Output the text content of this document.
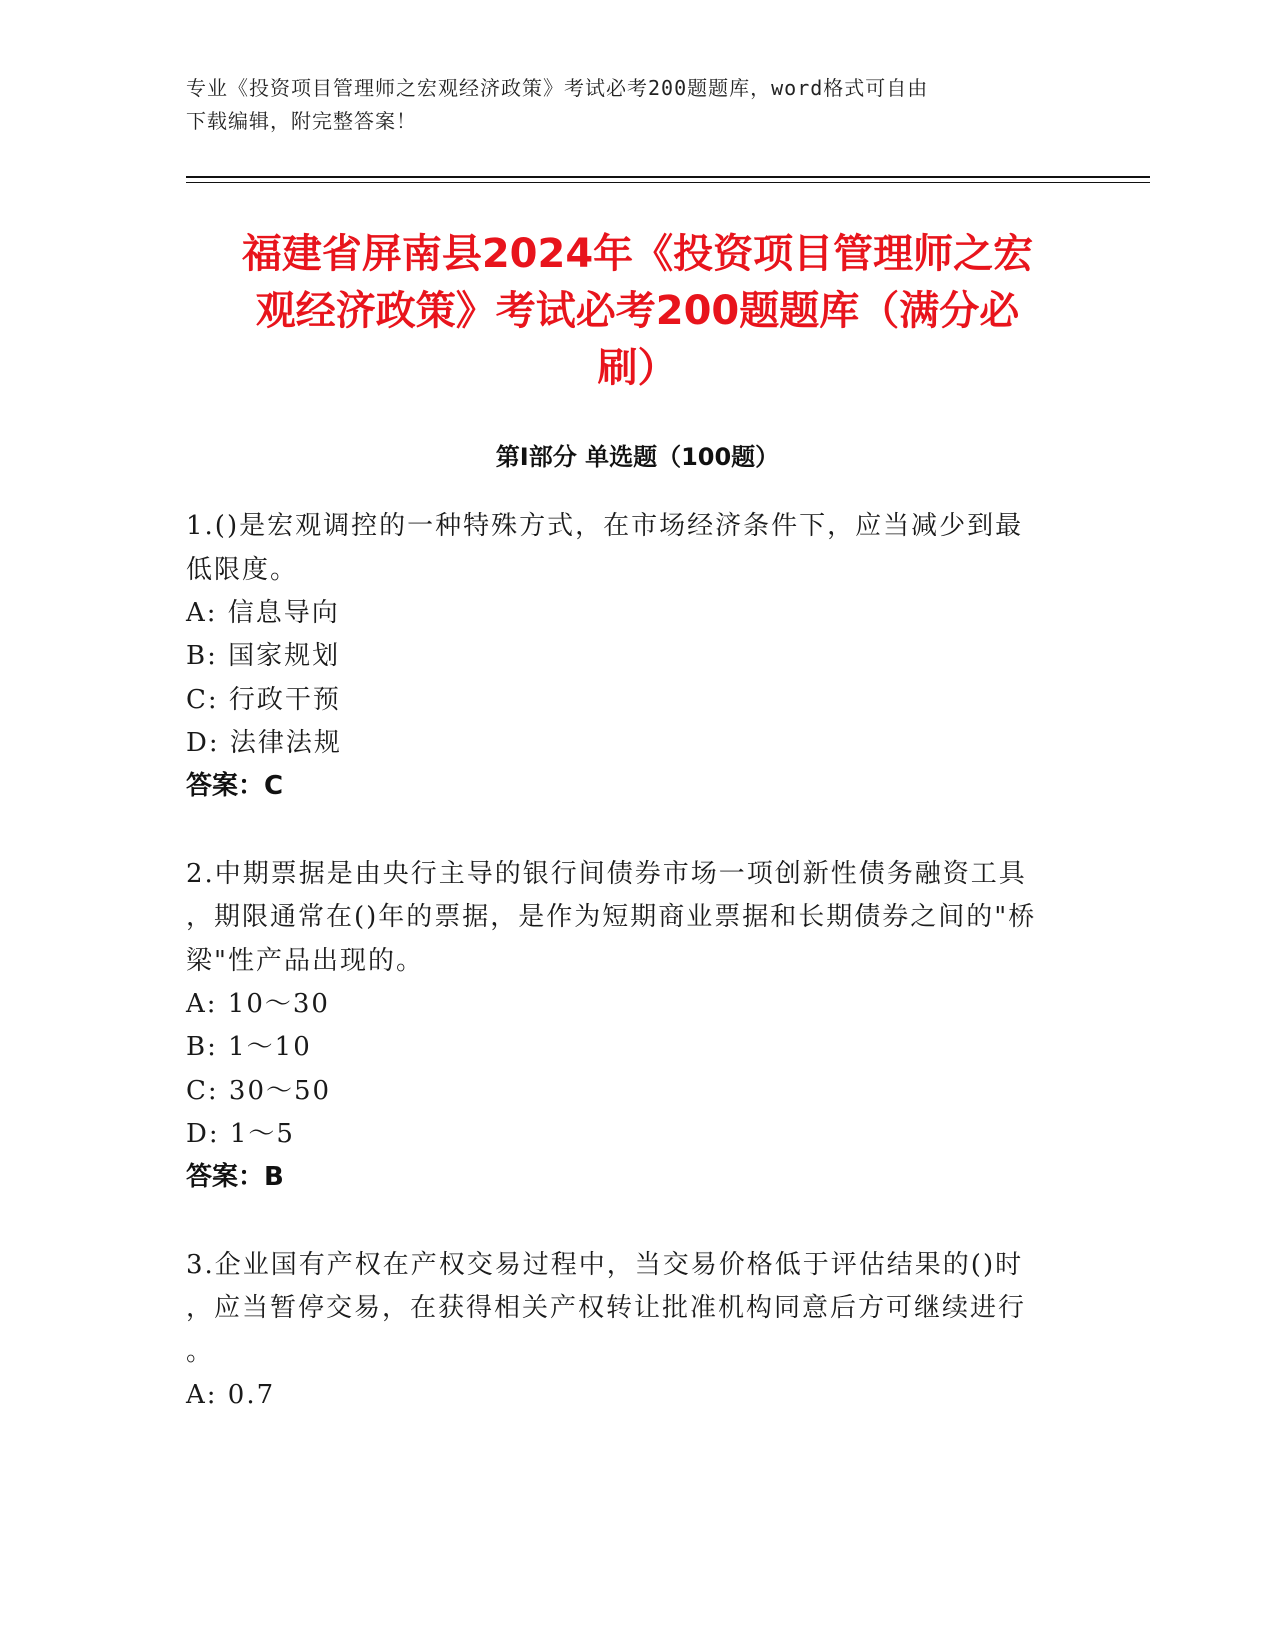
专业《投资项目管理师之宏观经济政策》考试必考200题题库，word格式可自由
下载编辑，附完整答案！
福建省屏南县2024年《投资项目管理师之宏
观经济政策》考试必考200题题库（满分必
刷）
第Ⅰ部分 单选题（100题）
1.()是宏观调控的一种特殊方式，在市场经济条件下，应当减少到最
低限度。
A: 信息导向
B: 国家规划
C: 行政干预
D: 法律法规
答案：C
2.中期票据是由央行主导的银行间债券市场一项创新性债务融资工具
，期限通常在()年的票据，是作为短期商业票据和长期债券之间的"桥
梁"性产品出现的。
A: 10～30
B: 1～10
C: 30～50
D: 1～5
答案：B
3.企业国有产权在产权交易过程中，当交易价格低于评估结果的()时
，应当暂停交易，在获得相关产权转让批准机构同意后方可继续进行
。
A: 0.7
